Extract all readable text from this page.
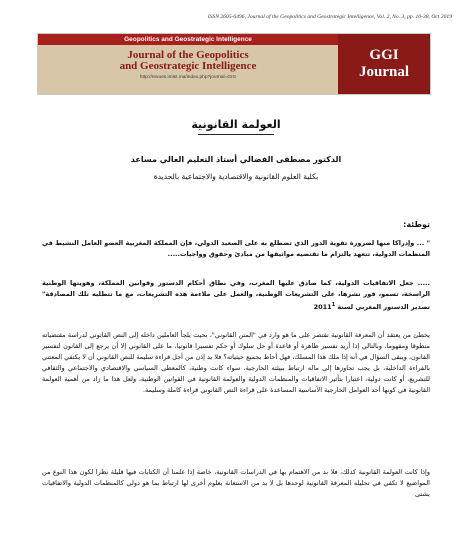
ISSN 2605-6496, Journal of the Geopolitics and Geostrategic Intelligence, Vol. 2, No. 3, pp. 10-38, Oct 2019
Geopolitics and Geostrategic Intelligence
Journal of the Geopolitics
and Geostrategic Intelligence
http://revues.imist.ma/index.php?journal=GIG
GGI
Journal
العولمة القانونية
الدكتور مصطفى الفضالي أستاذ التعليم العالي مساعد
بكلية العلوم القانونية والاقتصادية والاجتماعية بالجديدة
توطئة:

" ... وإدراكا منها لضرورة تقوية الدور الذي تضطلع به على الصعيد الدولي، فإن المملكة المغربية العضو العامل النشيط في المنظمات الدولية، تتعهد بالتزام ما تقتضيه مواثيقها من مبادئ وحقوق وواجبات.....

..... جعل الاتفاقيات الدولية، كما صادق عليها المغرب، وفي نطاق أحكام الدستور وقوانين المملكة، وهويتها الوطنية الراسخة، تسمو، فور نشرها، على التشريعات الوطنية، والعمل على ملاءمة هذه التشريعات، مع ما تتطلبه تلك المصادقة" تصدير الدستور المغربي لسنة 2011$^1$

يخطئ من يعتقد أن المعرفة القانونية تقتصر على ما هو وارد في "المتن القانوني"، بحيث يلجأ العاملين داخله إلى النص القانوني لدراسة مقتضياته منطوقا ومفهوما، وبالتالي إذا أريد تفسير ظاهرة أو قاعدة أو حل سلوك أو حكم تفسيرا قانونيا، ما على القانوني إلا أن يرجع إلى القانون لتفسير القانون، ويبقى السؤال في أنه إذا ملك هذا المسلك، فهل أحاط بجميع حيثياته؟ فلا بد إذن من أجل قراءة سليمة للنص القانوني أن لا يكتفي المعتني بالقراءة الداخلية، بل يجب تجاوزها إلى ماله ارتباط ببيئته الخارجية، سواء كانت وطنية، كالمعطى السياسي والاقتصادي والاجتماعي والثقافي للتشريع، أو كانت دولية، اعتبارا بتأثير الاتفاقيات والمنظمات الدولية والعولمة القانونية في القوانين الوطنية، ولعل هذا ما زاد من أهمية العولمة القانونية في كونها أحد العوامل الخارجية الأساسية المساعدة على قراءة النص القانوني قراءة كاملة وسليمة.

وإذا كانت العولمة القانونية كذلك، فلا بد من الاهتمام بها في الدراسات القانونية، خاصة إذا علمنا أن الكتابات فيها قليلة نظرا لكون هذا النوع من المواضيع لا تكفي في تحليله المعرفة القانونية لوحدها بل لا بد من الاستعانة بعلوم أخرى لها ارتباط بما هو دولي كالمنظمات الدولية والاتفاقيات بشتى
